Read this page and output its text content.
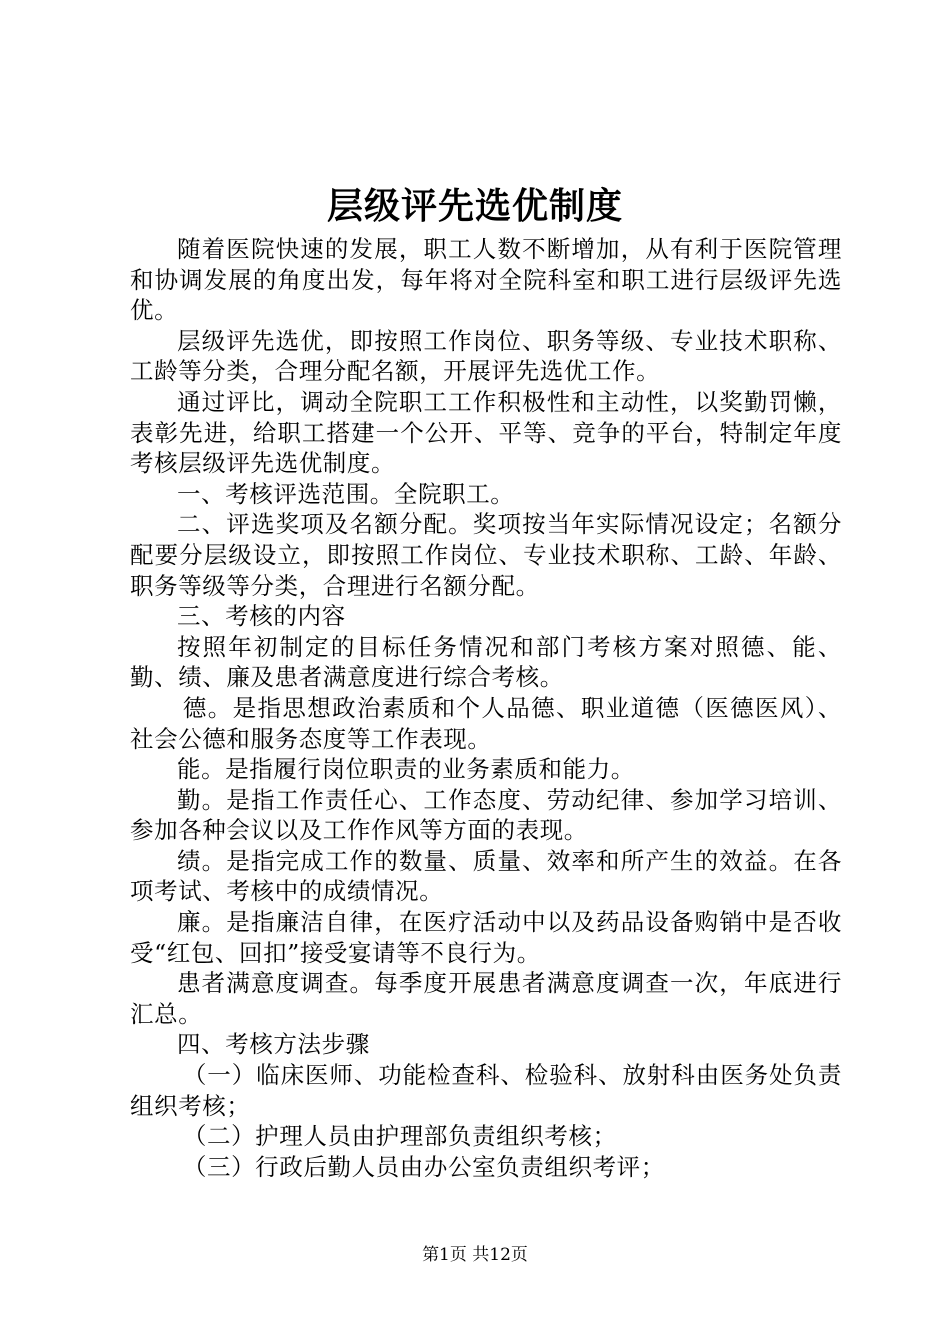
层级评先选优制度

随着医院快速的发展，职工人数不断增加，从有利于医院管理和协调发展的角度出发，每年将对全院科室和职工进行层级评先选优。

层级评先选优，即按照工作岗位、职务等级、专业技术职称、工龄等分类，合理分配名额，开展评先选优工作。

通过评比，调动全院职工工作积极性和主动性，以奖勤罚懒，表彰先进，给职工搭建一个公开、平等、竞争的平台，特制定年度考核层级评先选优制度。

一、考核评选范围。全院职工。

二、评选奖项及名额分配。奖项按当年实际情况设定；名额分配要分层级设立，即按照工作岗位、专业技术职称、工龄、年龄、职务等级等分类，合理进行名额分配。

三、考核的内容

按照年初制定的目标任务情况和部门考核方案对照德、能、勤、绩、廉及患者满意度进行综合考核。

德。是指思想政治素质和个人品德、职业道德（医德医风）、社会公德和服务态度等工作表现。

能。是指履行岗位职责的业务素质和能力。

勤。是指工作责任心、工作态度、劳动纪律、参加学习培训、参加各种会议以及工作作风等方面的表现。

绩。是指完成工作的数量、质量、效率和所产生的效益。在各项考试、考核中的成绩情况。

廉。是指廉洁自律，在医疗活动中以及药品设备购销中是否收受“红包、回扣”接受宴请等不良行为。

患者满意度调查。每季度开展患者满意度调查一次，年底进行汇总。

四、考核方法步骤

（一）临床医师、功能检查科、检验科、放射科由医务处负责组织考核；

（二）护理人员由护理部负责组织考核；

（三）行政后勤人员由办公室负责组织考评；

第1页 共12页
